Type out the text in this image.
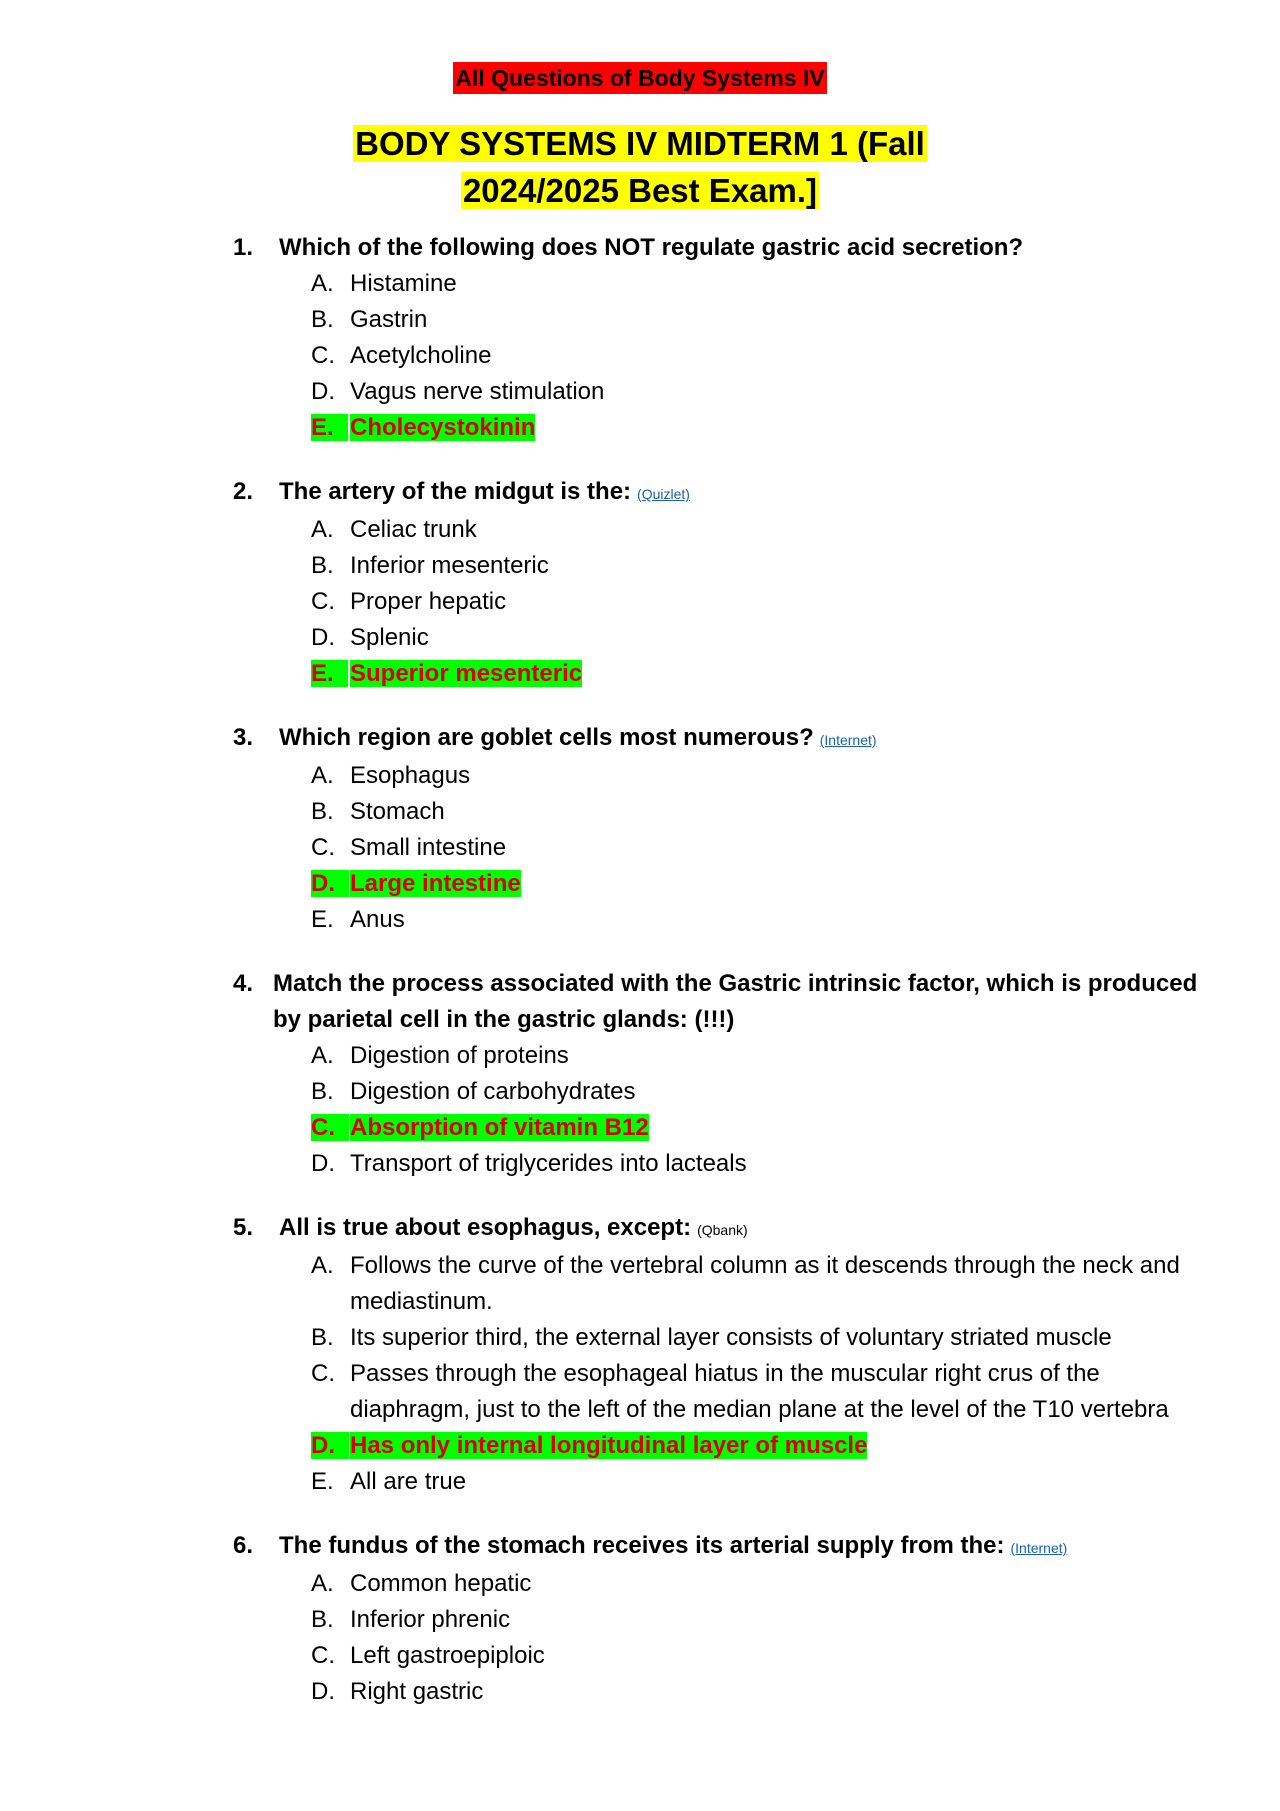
All Questions of Body Systems IV
BODY SYSTEMS IV MIDTERM 1 (Fall
2024/2025 Best Exam.]
1.	Which of the following does NOT regulate gastric acid secretion?
A. Histamine
B. Gastrin
C. Acetylcholine
D. Vagus nerve stimulation
E. Cholecystokinin
2.	The artery of the midgut is the: (Quizlet)
A. Celiac trunk
B. Inferior mesenteric
C. Proper hepatic
D. Splenic
E. Superior mesenteric
3.	Which region are goblet cells most numerous? (Internet)
A. Esophagus
B. Stomach
C. Small intestine
D. Large intestine
E. Anus
4. Match the process associated with the Gastric intrinsic factor, which is produced by parietal cell in the gastric glands: (!!!)
A. Digestion of proteins
B. Digestion of carbohydrates
C. Absorption of vitamin B12
D. Transport of triglycerides into lacteals
5.	All is true about esophagus, except: (Qbank)
A. Follows the curve of the vertebral column as it descends through the neck and mediastinum.
B. Its superior third, the external layer consists of voluntary striated muscle
C. Passes through the esophageal hiatus in the muscular right crus of the diaphragm, just to the left of the median plane at the level of the T10 vertebra
D. Has only internal longitudinal layer of muscle
E. All are true
6.	The fundus of the stomach receives its arterial supply from the: (Internet)
A. Common hepatic
B. Inferior phrenic
C. Left gastroepiploic
D. Right gastric
